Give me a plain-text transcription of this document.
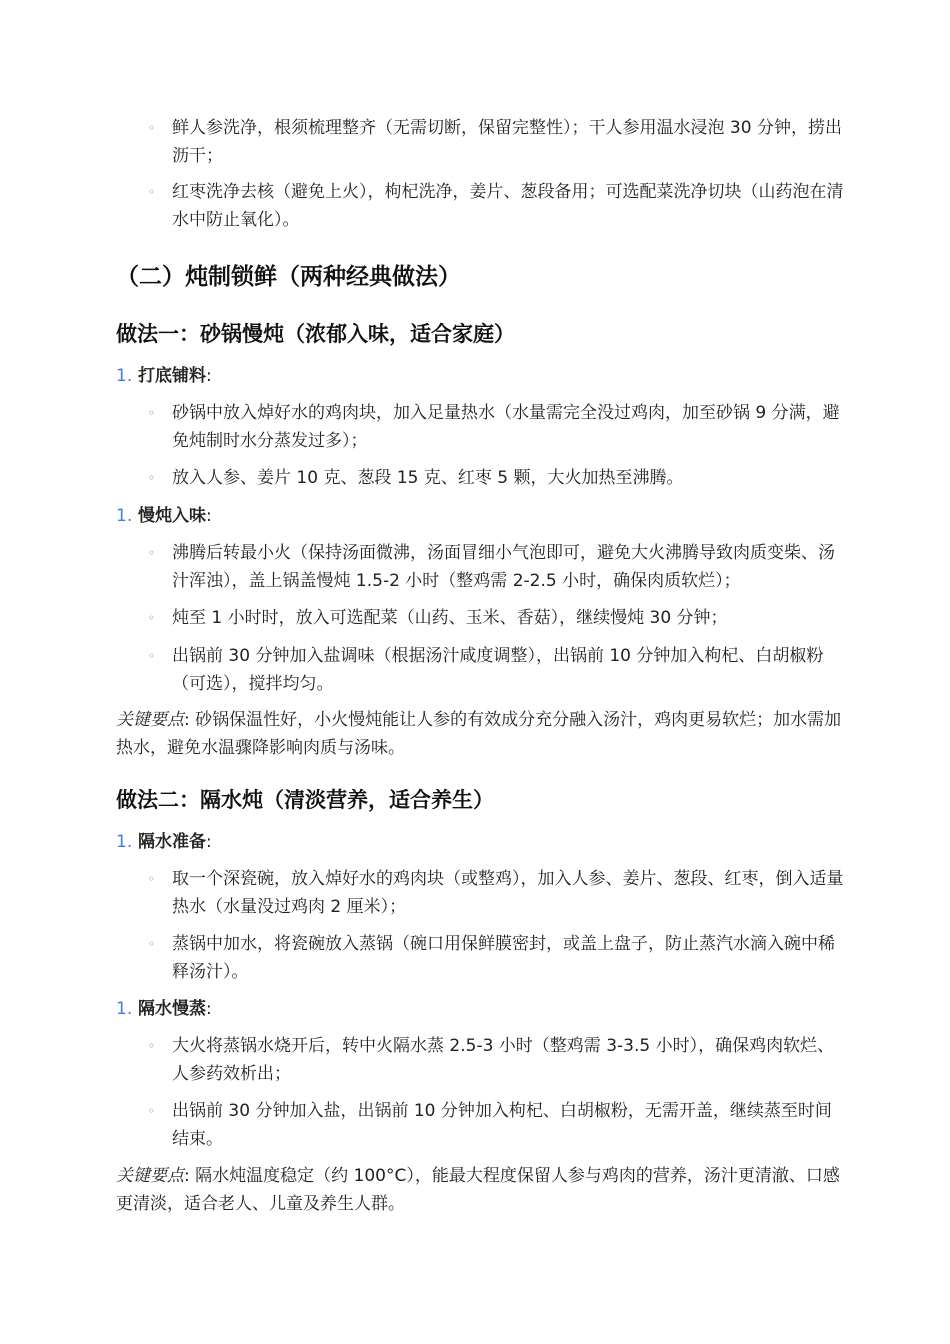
◦ 鲜人参洗净，根须梳理整齐（无需切断，保留完整性）；干人参用温水浸泡 30 分钟，捞出沥干；
◦ 红枣洗净去核（避免上火），枸杞洗净，姜片、葱段备用；可选配菜洗净切块（山药泡在清水中防止氧化）。
（二）炖制锁鲜（两种经典做法）
做法一：砂锅慢炖（浓郁入味，适合家庭）
1. 打底铺料:
◦ 砂锅中放入焯好水的鸡肉块，加入足量热水（水量需完全没过鸡肉，加至砂锅 9 分满，避免炖制时水分蒸发过多）；
◦ 放入人参、姜片 10 克、葱段 15 克、红枣 5 颗，大火加热至沸腾。
1. 慢炖入味:
◦ 沸腾后转最小火（保持汤面微沸，汤面冒细小气泡即可，避免大火沸腾导致肉质变柴、汤汁浑浊），盖上锅盖慢炖 1.5-2 小时（整鸡需 2-2.5 小时，确保肉质软烂）；
◦ 炖至 1 小时时，放入可选配菜（山药、玉米、香菇），继续慢炖 30 分钟；
◦ 出锅前 30 分钟加入盐调味（根据汤汁咸度调整），出锅前 10 分钟加入枸杞、白胡椒粉（可选），搅拌均匀。
关键要点: 砂锅保温性好，小火慢炖能让人参的有效成分充分融入汤汁，鸡肉更易软烂；加水需加热水，避免水温骤降影响肉质与汤味。
做法二：隔水炖（清淡营养，适合养生）
1. 隔水准备:
◦ 取一个深瓷碗，放入焯好水的鸡肉块（或整鸡），加入人参、姜片、葱段、红枣，倒入适量热水（水量没过鸡肉 2 厘米）；
◦ 蒸锅中加水，将瓷碗放入蒸锅（碗口用保鲜膜密封，或盖上盘子，防止蒸汽水滴入碗中稀释汤汁）。
1. 隔水慢蒸:
◦ 大火将蒸锅水烧开后，转中火隔水蒸 2.5-3 小时（整鸡需 3-3.5 小时），确保鸡肉软烂、人参药效析出；
◦ 出锅前 30 分钟加入盐，出锅前 10 分钟加入枸杞、白胡椒粉，无需开盖，继续蒸至时间结束。
关键要点: 隔水炖温度稳定（约 100°C），能最大程度保留人参与鸡肉的营养，汤汁更清澈、口感更清淡，适合老人、儿童及养生人群。
